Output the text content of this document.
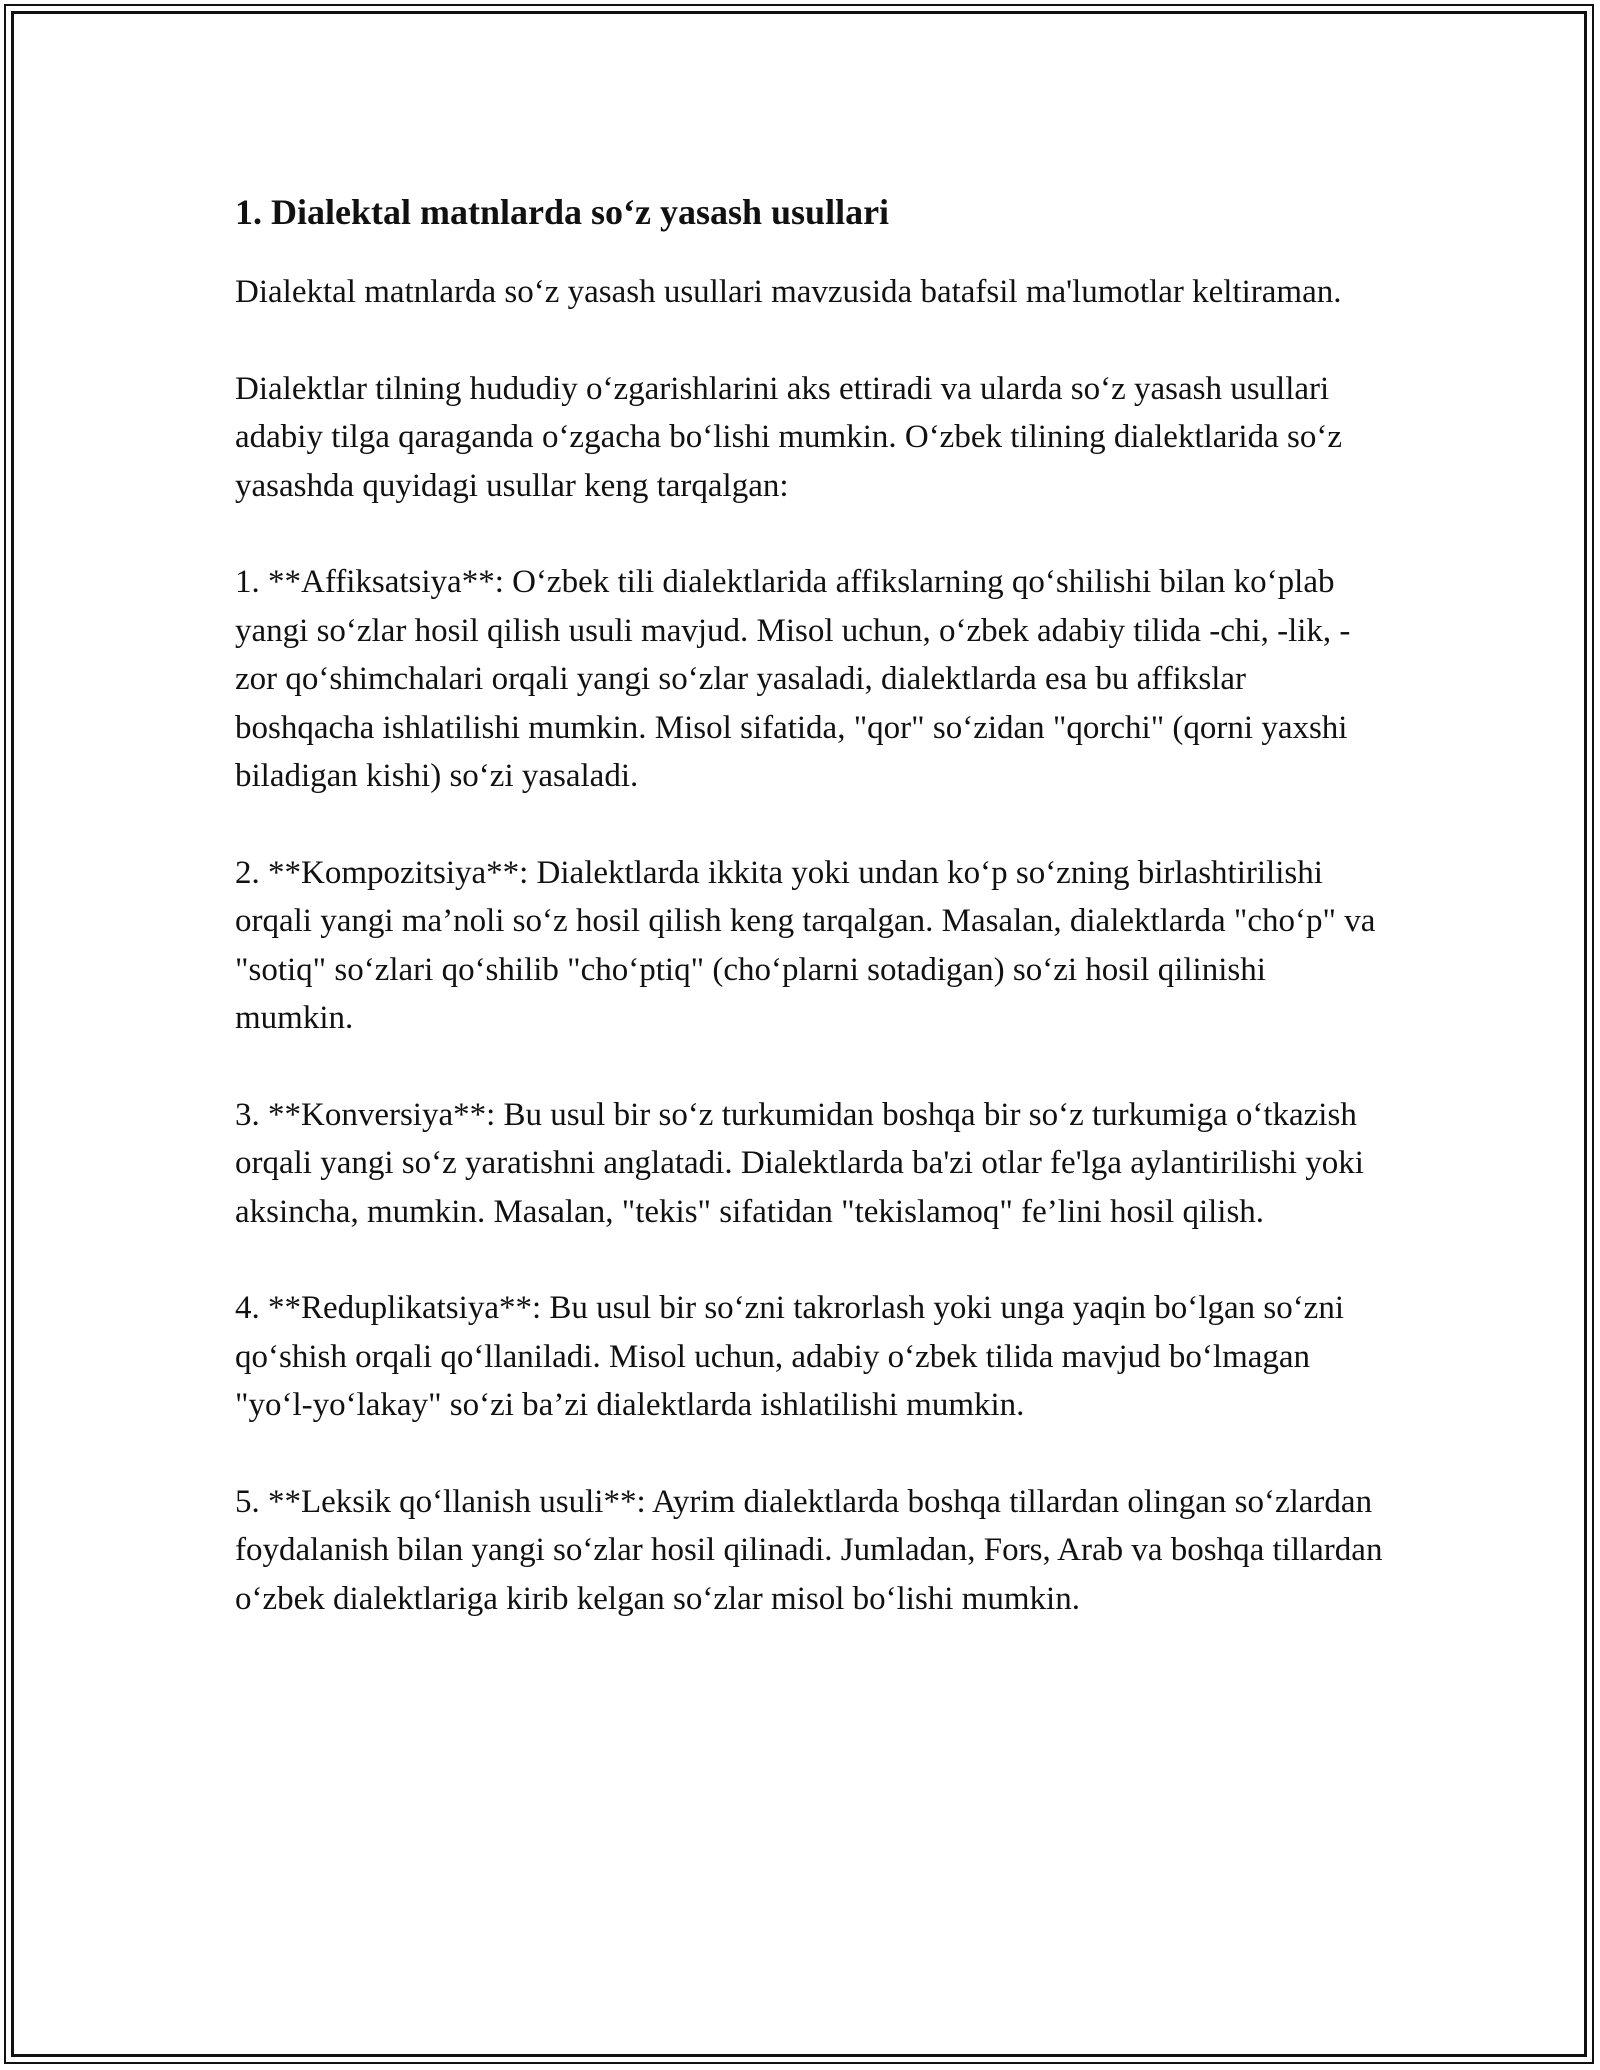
1. Dialektal matnlarda so‘z yasash usullari

Dialektal matnlarda so‘z yasash usullari mavzusida batafsil ma'lumotlar keltiraman.

Dialektlar tilning hududiy o‘zgarishlarini aks ettiradi va ularda so‘z yasash usullari adabiy tilga qaraganda o‘zgacha bo‘lishi mumkin. O‘zbek tilining dialektlarida so‘z yasashda quyidagi usullar keng tarqalgan:

1. **Affiksatsiya**: O‘zbek tili dialektlarida affikslarning qo‘shilishi bilan ko‘plab yangi so‘zlar hosil qilish usuli mavjud. Misol uchun, o‘zbek adabiy tilida -chi, -lik, -zor qo‘shimchalari orqali yangi so‘zlar yasaladi, dialektlarda esa bu affikslar boshqacha ishlatilishi mumkin. Misol sifatida, "qor" so‘zidan "qorchi" (qorni yaxshi biladigan kishi) so‘zi yasaladi.

2. **Kompozitsiya**: Dialektlarda ikkita yoki undan ko‘p so‘zning birlashtirilishi orqali yangi ma’noli so‘z hosil qilish keng tarqalgan. Masalan, dialektlarda "cho‘p" va "sotiq" so‘zlari qo‘shilib "cho‘ptiq" (cho‘plarni sotadigan) so‘zi hosil qilinishi mumkin.

3. **Konversiya**: Bu usul bir so‘z turkumidan boshqa bir so‘z turkumiga o‘tkazish orqali yangi so‘z yaratishni anglatadi. Dialektlarda ba'zi otlar fe'lga aylantirilishi yoki aksincha, mumkin. Masalan, "tekis" sifatidan "tekislamoq" fe’lini hosil qilish.

4. **Reduplikatsiya**: Bu usul bir so‘zni takrorlash yoki unga yaqin bo‘lgan so‘zni qo‘shish orqali qo‘llaniladi. Misol uchun, adabiy o‘zbek tilida mavjud bo‘lmagan "yo‘l-yo‘lakay" so‘zi ba’zi dialektlarda ishlatilishi mumkin.

5. **Leksik qo‘llanish usuli**: Ayrim dialektlarda boshqa tillardan olingan so‘zlardan foydalanish bilan yangi so‘zlar hosil qilinadi. Jumladan, Fors, Arab va boshqa tillardan o‘zbek dialektlariga kirib kelgan so‘zlar misol bo‘lishi mumkin.
